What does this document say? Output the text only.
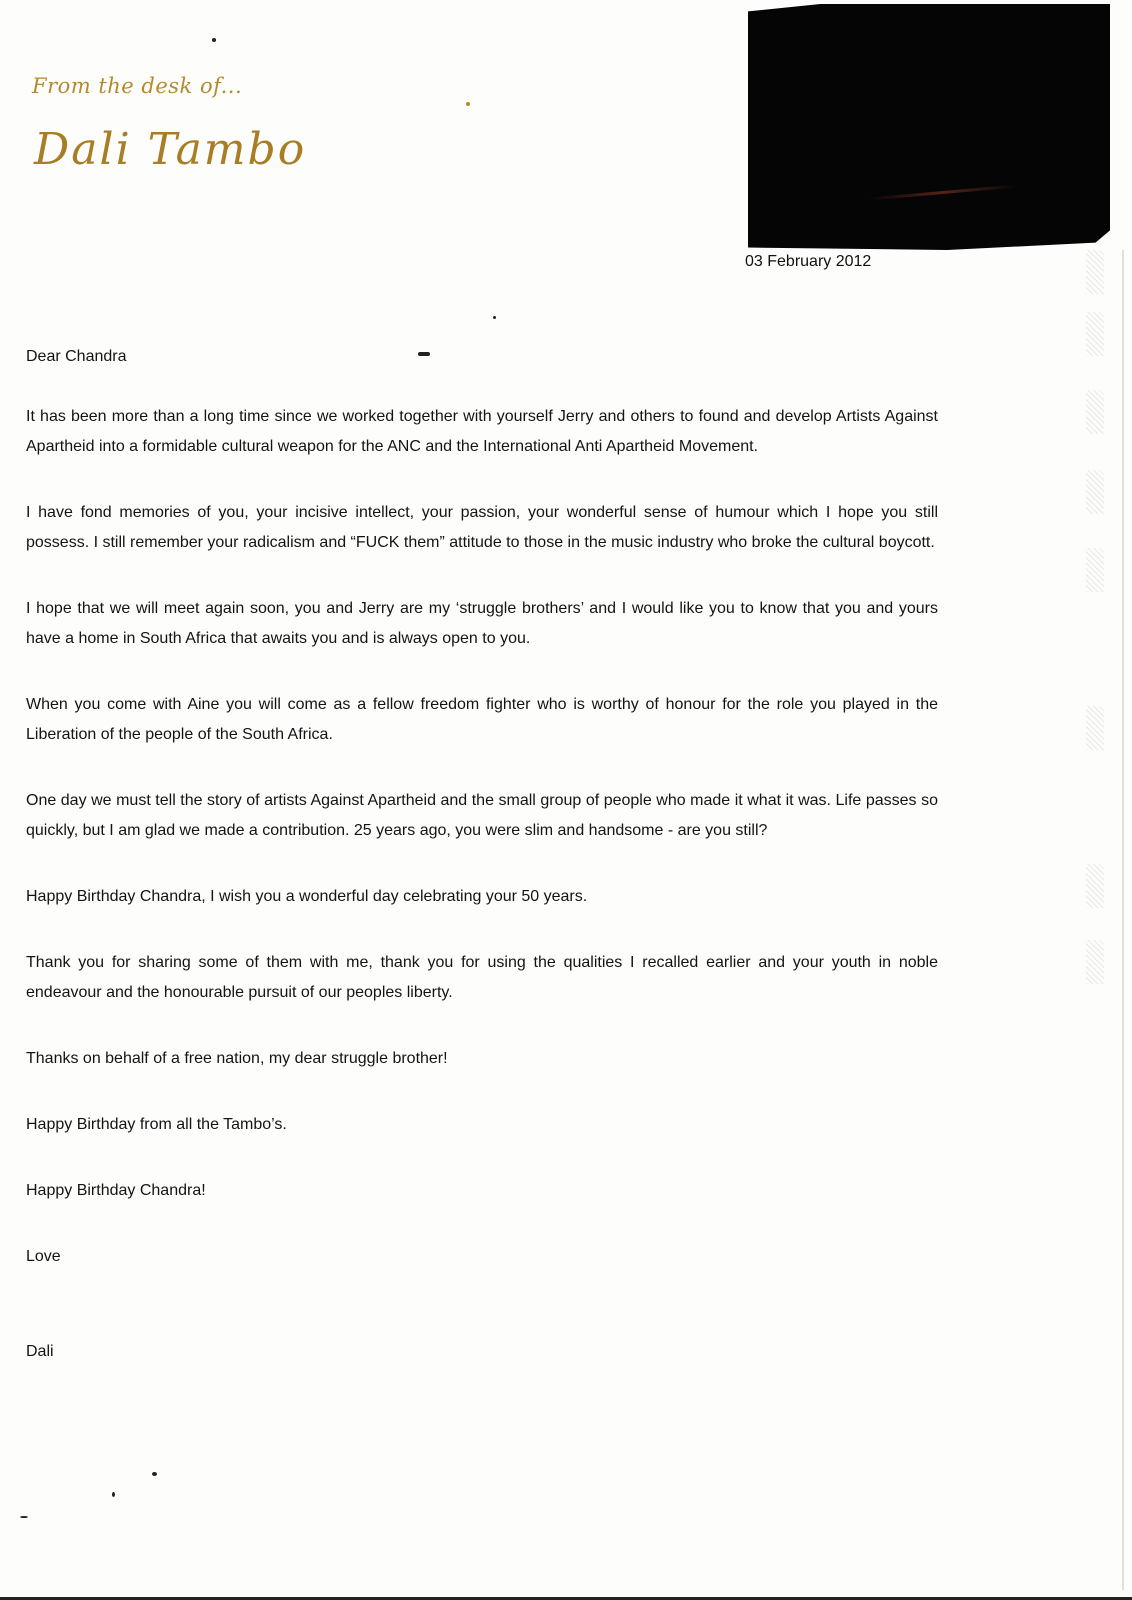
From the desk of...
Dali Tambo
03 February 2012

Dear Chandra

It has been more than a long time since we worked together with yourself Jerry and others to found and develop Artists Against Apartheid into a formidable cultural weapon for the ANC and the International Anti Apartheid Movement.

I have fond memories of you, your incisive intellect, your passion, your wonderful sense of humour which I hope you still possess. I still remember your radicalism and “FUCK them” attitude to those in the music industry who broke the cultural boycott.

I hope that we will meet again soon, you and Jerry are my ‘struggle brothers’ and I would like you to know that you and yours have a home in South Africa that awaits you and is always open to you.

When you come with Aine you will come as a fellow freedom fighter who is worthy of honour for the role you played in the Liberation of the people of the South Africa.

One day we must tell the story of artists Against Apartheid and the small group of people who made it what it was. Life passes so quickly, but I am glad we made a contribution. 25 years ago, you were slim and handsome - are you still?

Happy Birthday Chandra, I wish you a wonderful day celebrating your 50 years.

Thank you for sharing some of them with me, thank you for using the qualities I recalled earlier and your youth in noble endeavour and the honourable pursuit of our peoples liberty.

Thanks on behalf of a free nation, my dear struggle brother!

Happy Birthday from all the Tambo’s.

Happy Birthday Chandra!

Love

Dali
